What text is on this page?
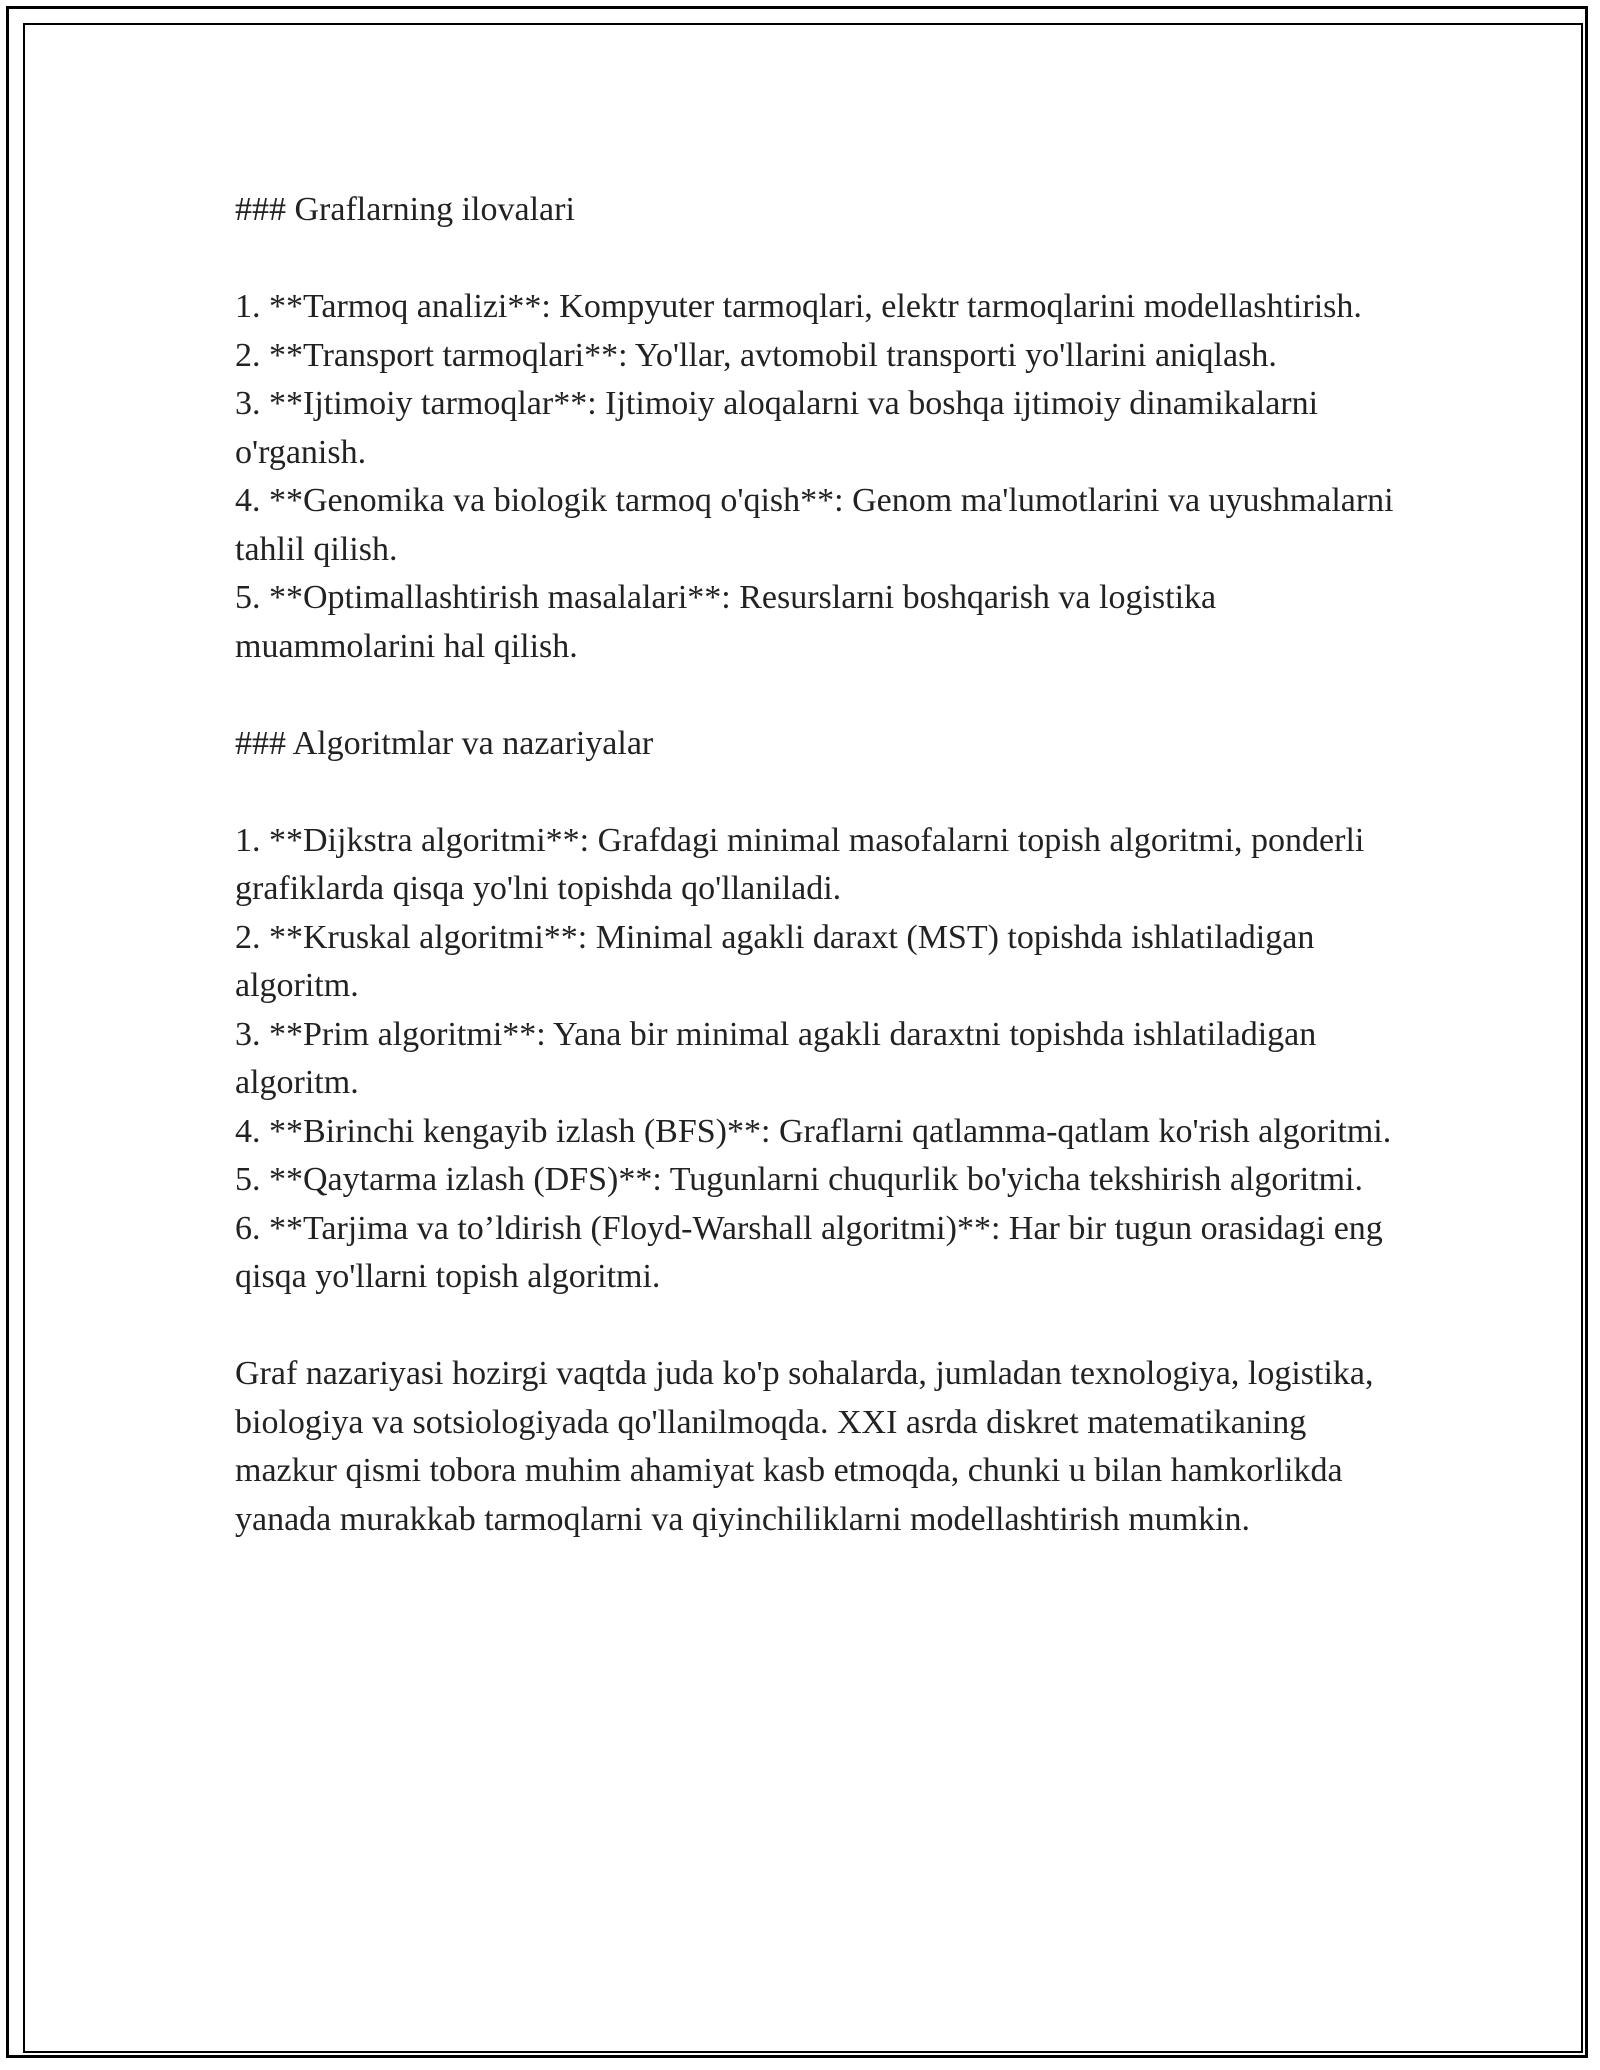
### Graflarning ilovalari

1. **Tarmoq analizi**: Kompyuter tarmoqlari, elektr tarmoqlarini modellashtirish.

2. **Transport tarmoqlari**: Yo'llar, avtomobil transporti yo'llarini aniqlash.

3. **Ijtimoiy tarmoqlar**: Ijtimoiy aloqalarni va boshqa ijtimoiy dinamikalarni o'rganish.

4. **Genomika va biologik tarmoq o'qish**: Genom ma'lumotlarini va uyushmalarni tahlil qilish.

5. **Optimallashtirish masalalari**: Resurslarni boshqarish va logistika muammolarini hal qilish.

### Algoritmlar va nazariyalar

1. **Dijkstra algoritmi**: Grafdagi minimal masofalarni topish algoritmi, ponderli grafiklarda qisqa yo'lni topishda qo'llaniladi.

2. **Kruskal algoritmi**: Minimal agakli daraxt (MST) topishda ishlatiladigan algoritm.

3. **Prim algoritmi**: Yana bir minimal agakli daraxtni topishda ishlatiladigan algoritm.

4. **Birinchi kengayib izlash (BFS)**: Graflarni qatlamma-qatlam ko'rish algoritmi.

5. **Qaytarma izlash (DFS)**: Tugunlarni chuqurlik bo'yicha tekshirish algoritmi.

6. **Tarjima va to’ldirish (Floyd-Warshall algoritmi)**: Har bir tugun orasidagi eng qisqa yo'llarni topish algoritmi.

Graf nazariyasi hozirgi vaqtda juda ko'p sohalarda, jumladan texnologiya, logistika, biologiya va sotsiologiyada qo'llanilmoqda. XXI asrda diskret matematikaning mazkur qismi tobora muhim ahamiyat kasb etmoqda, chunki u bilan hamkorlikda yanada murakkab tarmoqlarni va qiyinchiliklarni modellashtirish mumkin.
